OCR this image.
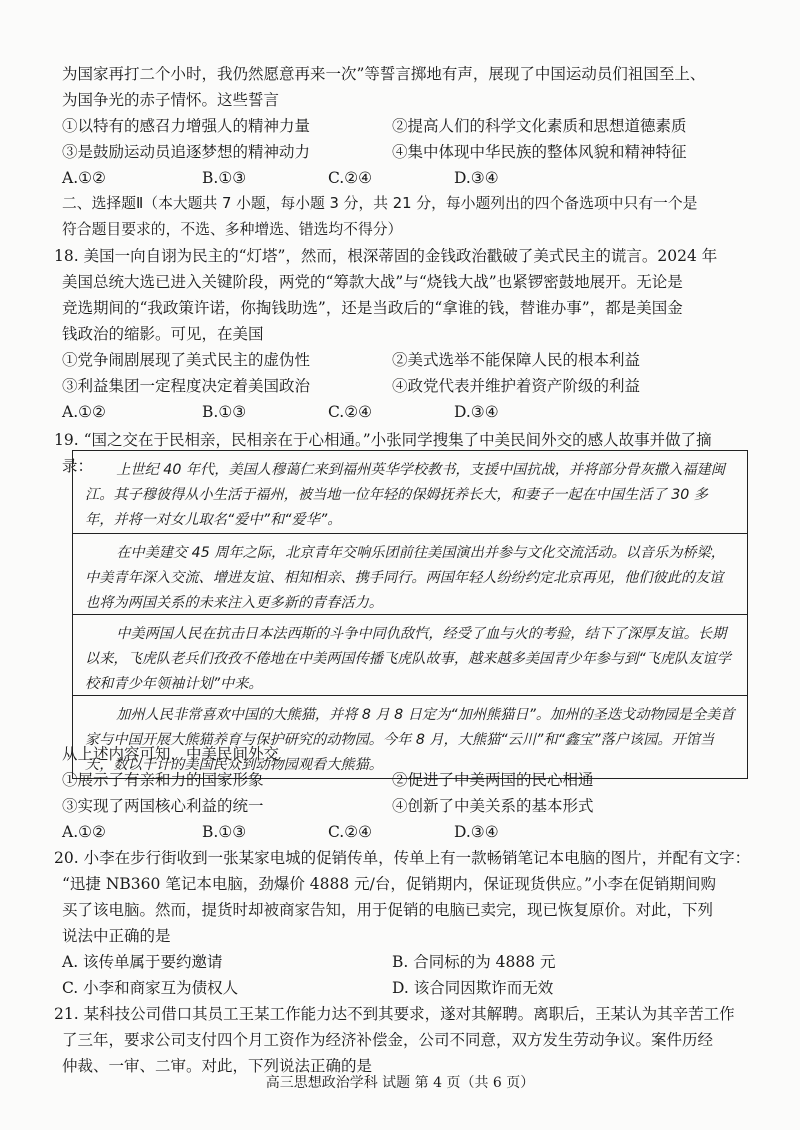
为国家再打二个小时，我仍然愿意再来一次”等誓言掷地有声，展现了中国运动员们祖国至上、
为国争光的赤子情怀。这些誓言
①以特有的感召力增强人的精神力量	②提高人们的科学文化素质和思想道德素质
③是鼓励运动员追逐梦想的精神动力	④集中体现中华民族的整体风貌和精神特征
A.①②	B.①③	C.②④	D.③④
二、选择题Ⅱ（本大题共 7 小题，每小题 3 分，共 21 分，每小题列出的四个备选项中只有一个是
符合题目要求的，不选、多种增选、错选均不得分）
18. 美国一向自诩为民主的“灯塔”，然而，根深蒂固的金钱政治戳破了美式民主的谎言。2024 年
美国总统大选已进入关键阶段，两党的“筹款大战”与“烧钱大战”也紧锣密鼓地展开。无论是
竞选期间的“我政策许诺，你掏钱助选”，还是当政后的“拿谁的钱，替谁办事”，都是美国金
钱政治的缩影。可见，在美国
①党争闹剧展现了美式民主的虚伪性	②美式选举不能保障人民的根本利益
③利益集团一定程度决定着美国政治	④政党代表并维护着资产阶级的利益
A.①②	B.①③	C.②④	D.③④
19. “国之交在于民相亲，民相亲在于心相通。”小张同学搜集了中美民间外交的感人故事并做了摘
录：	上世纪 40 年代，美国人穆蔼仁来到福州英华学校教书，支援中国抗战，并将部分骨灰撒入福建闽江。其子穆彼得从小生活于福州，被当地一位年轻的保姆抚养长大，和妻子一起在中国生活了 30 多年，并将一对女儿取名“爱中”和“爱华”。
在中美建交 45 周年之际，北京青年交响乐团前往美国演出并参与文化交流活动。以音乐为桥梁，中美青年深入交流、增进友谊、相知相亲、携手同行。两国年轻人纷纷约定北京再见，他们彼此的友谊也将为两国关系的未来注入更多新的青春活力。
中美两国人民在抗击日本法西斯的斗争中同仇敌忾，经受了血与火的考验，结下了深厚友谊。长期以来，飞虎队老兵们孜孜不倦地在中美两国传播飞虎队故事，越来越多美国青少年参与到“飞虎队友谊学校和青少年领袖计划”中来。
加州人民非常喜欢中国的大熊猫，并将 8 月 8 日定为“加州熊猫日”。加州的圣迭戈动物园是全美首家与中国开展大熊猫养育与保护研究的动物园。今年 8 月，大熊猫“云川”和“鑫宝”落户该园。开馆当天，数以千计的美国民众到动物园观看大熊猫。
从上述内容可知，中美民间外交
①展示了有亲和力的国家形象	②促进了中美两国的民心相通
③实现了两国核心利益的统一	④创新了中美关系的基本形式
A.①②	B.①③	C.②④	D.③④
20. 小李在步行街收到一张某家电城的促销传单，传单上有一款畅销笔记本电脑的图片，并配有文字：
“迅捷 NB360 笔记本电脑，劲爆价 4888 元/台，促销期内，保证现货供应。”小李在促销期间购
买了该电脑。然而，提货时却被商家告知，用于促销的电脑已卖完，现已恢复原价。对此，下列
说法中正确的是
A. 该传单属于要约邀请	B. 合同标的为 4888 元
C. 小李和商家互为债权人	D. 该合同因欺诈而无效
21. 某科技公司借口其员工王某工作能力达不到其要求，遂对其解聘。离职后，王某认为其辛苦工作
了三年，要求公司支付四个月工资作为经济补偿金，公司不同意，双方发生劳动争议。案件历经
仲裁、一审、二审。对此，下列说法正确的是
高三思想政治学科 试题 第 4 页（共 6 页）
